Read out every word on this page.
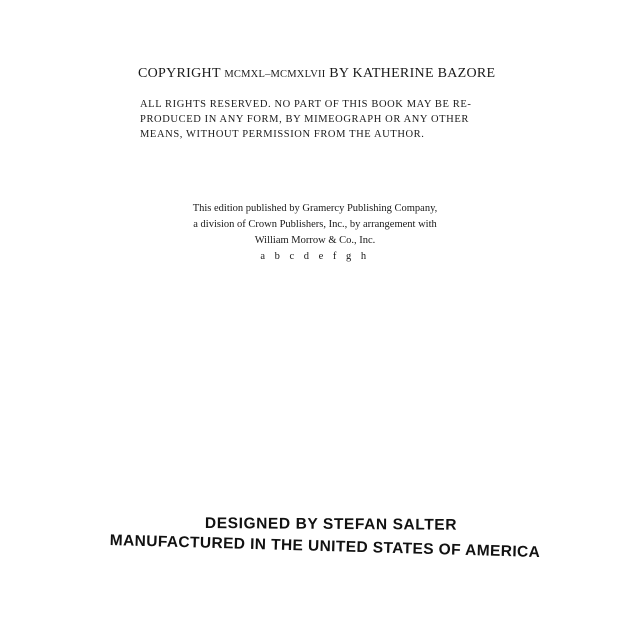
COPYRIGHT MCMXL–MCMXLVII BY KATHERINE BAZORE
ALL RIGHTS RESERVED. NO PART OF THIS BOOK MAY BE RE-
PRODUCED IN ANY FORM, BY MIMEOGRAPH OR ANY OTHER
MEANS, WITHOUT PERMISSION FROM THE AUTHOR.
This edition published by Gramercy Publishing Company,
a division of Crown Publishers, Inc., by arrangement with
William Morrow & Co., Inc.
a b c d e f g h
DESIGNED BY STEFAN SALTER
MANUFACTURED IN THE UNITED STATES OF AMERICA
